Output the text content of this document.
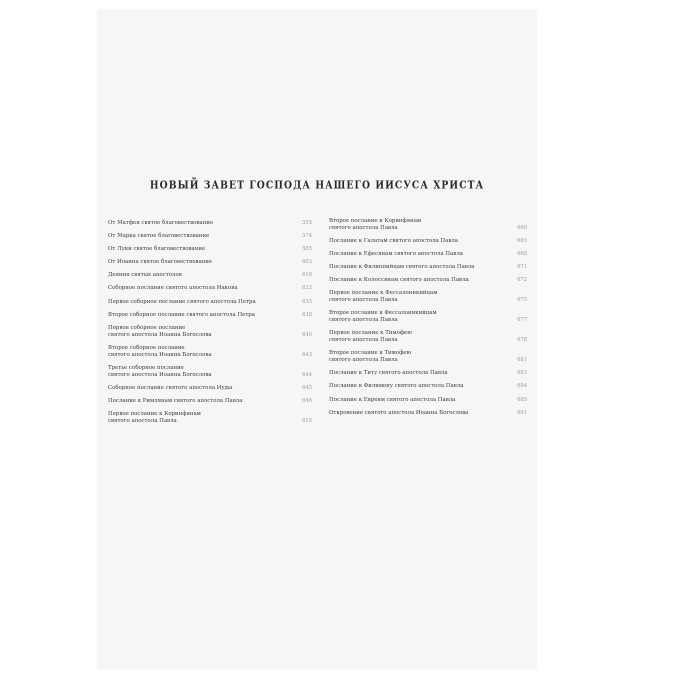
НОВЫЙ ЗАВЕТ ГОСПОДА НАШЕГО ИИСУСА ХРИСТА
От Матфея святое благовествование	555
От Марка святое благовествование	574
От Луки святое благовествование	585
От Иоанна святое благовествование	603
Деяния святых апостолов	616
Соборное послание святого апостола Иакова	632
Первое соборное послание святого апостола Петра	635
Второе соборное послание святого апостола Петра	638
Первое соборное послание
святого апостола Иоанна Богослова	640
Второе соборное послание
святого апостола Иоанна Богослова	643
Третье соборное послание
святого апостола Иоанна Богослова	644
Соборное послание святого апостола Иуды	645
Послание к Римлянам святого апостола Павла	646
Первое послание к Коринфянам
святого апостола Павла	655
Второе послание к Коринфянам
святого апостола Павла	660
Послание к Галатам святого апостола Павла	665
Послание к Ефесянам святого апостола Павла	668
Послание к Филиппийцам святого апостола Павла	671
Послание к Колоссянам святого апостола Павла	672
Первое послание к Фессалоникийцам
святого апостола Павла	675
Второе послание к Фессалоникийцам
святого апостола Павла	677
Первое послание к Тимофею
святого апостола Павла	678
Второе послание к Тимофею
святого апостола Павла	681
Послание к Титу святого апостола Павла	683
Послание к Филимону святого апостола Павла	684
Послание к Евреям святого апостола Павла	685
Откровение святого апостола Иоанна Богослова	691
